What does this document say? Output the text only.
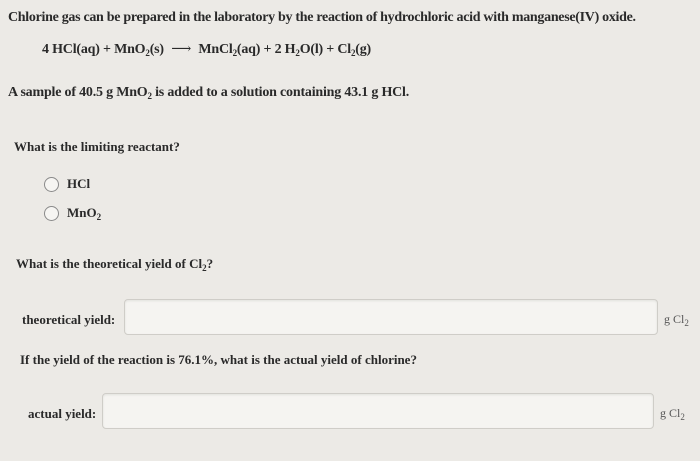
Chlorine gas can be prepared in the laboratory by the reaction of hydrochloric acid with manganese(IV) oxide.
4 HCl(aq) + MnO$_2$(s) ⟶ MnCl$_2$(aq) + 2 $H_2O(l) + Cl_2(g)$
A sample of 40.5 g MnO$_2$ is added to a solution containing 43.1 g HCl.
What is the limiting reactant?
HCl
MnO$_2$
What is the theoretical yield of $Cl_2$?
theoretical yield:	g $Cl_2$
If the yield of the reaction is 76.1%, what is the actual yield of chlorine?
actual yield:	g $Cl_2$
